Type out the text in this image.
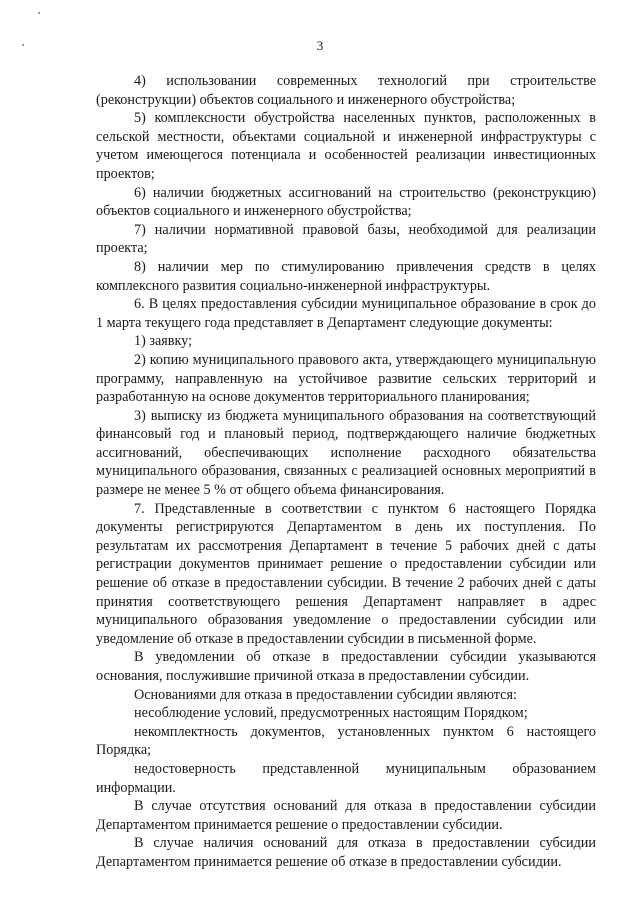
3

4) использовании современных технологий при строительстве (реконструкции) объектов социального и инженерного обустройства;

5) комплексности обустройства населенных пунктов, расположенных в сельской местности, объектами социальной и инженерной инфраструктуры с учетом имеющегося потенциала и особенностей реализации инвестиционных проектов;

6) наличии бюджетных ассигнований на строительство (реконструкцию) объектов социального и инженерного обустройства;

7) наличии нормативной правовой базы, необходимой для реализации проекта;

8) наличии мер по стимулированию привлечения средств в целях комплексного развития социально-инженерной инфраструктуры.

6. В целях предоставления субсидии муниципальное образование в срок до 1 марта текущего года представляет в Департамент следующие документы:

1) заявку;

2) копию муниципального правового акта, утверждающего муниципальную программу, направленную на устойчивое развитие сельских территорий и разработанную на основе документов территориального планирования;

3) выписку из бюджета муниципального образования на соответствующий финансовый год и плановый период, подтверждающего наличие бюджетных ассигнований, обеспечивающих исполнение расходного обязательства муниципального образования, связанных с реализацией основных мероприятий в размере не менее 5 % от общего объема финансирования.

7. Представленные в соответствии с пунктом 6 настоящего Порядка документы регистрируются Департаментом в день их поступления. По результатам их рассмотрения Департамент в течение 5 рабочих дней с даты регистрации документов принимает решение о предоставлении субсидии или решение об отказе в предоставлении субсидии. В течение 2 рабочих дней с даты принятия соответствующего решения Департамент направляет в адрес муниципального образования уведомление о предоставлении субсидии или уведомление об отказе в предоставлении субсидии в письменной форме.

В уведомлении об отказе в предоставлении субсидии указываются основания, послужившие причиной отказа в предоставлении субсидии.

Основаниями для отказа в предоставлении субсидии являются:

несоблюдение условий, предусмотренных настоящим Порядком;

некомплектность документов, установленных пунктом 6 настоящего Порядка;

недостоверность представленной муниципальным образованием информации.

В случае отсутствия оснований для отказа в предоставлении субсидии Департаментом принимается решение о предоставлении субсидии.

В случае наличия оснований для отказа в предоставлении субсидии Департаментом принимается решение об отказе в предоставлении субсидии.
